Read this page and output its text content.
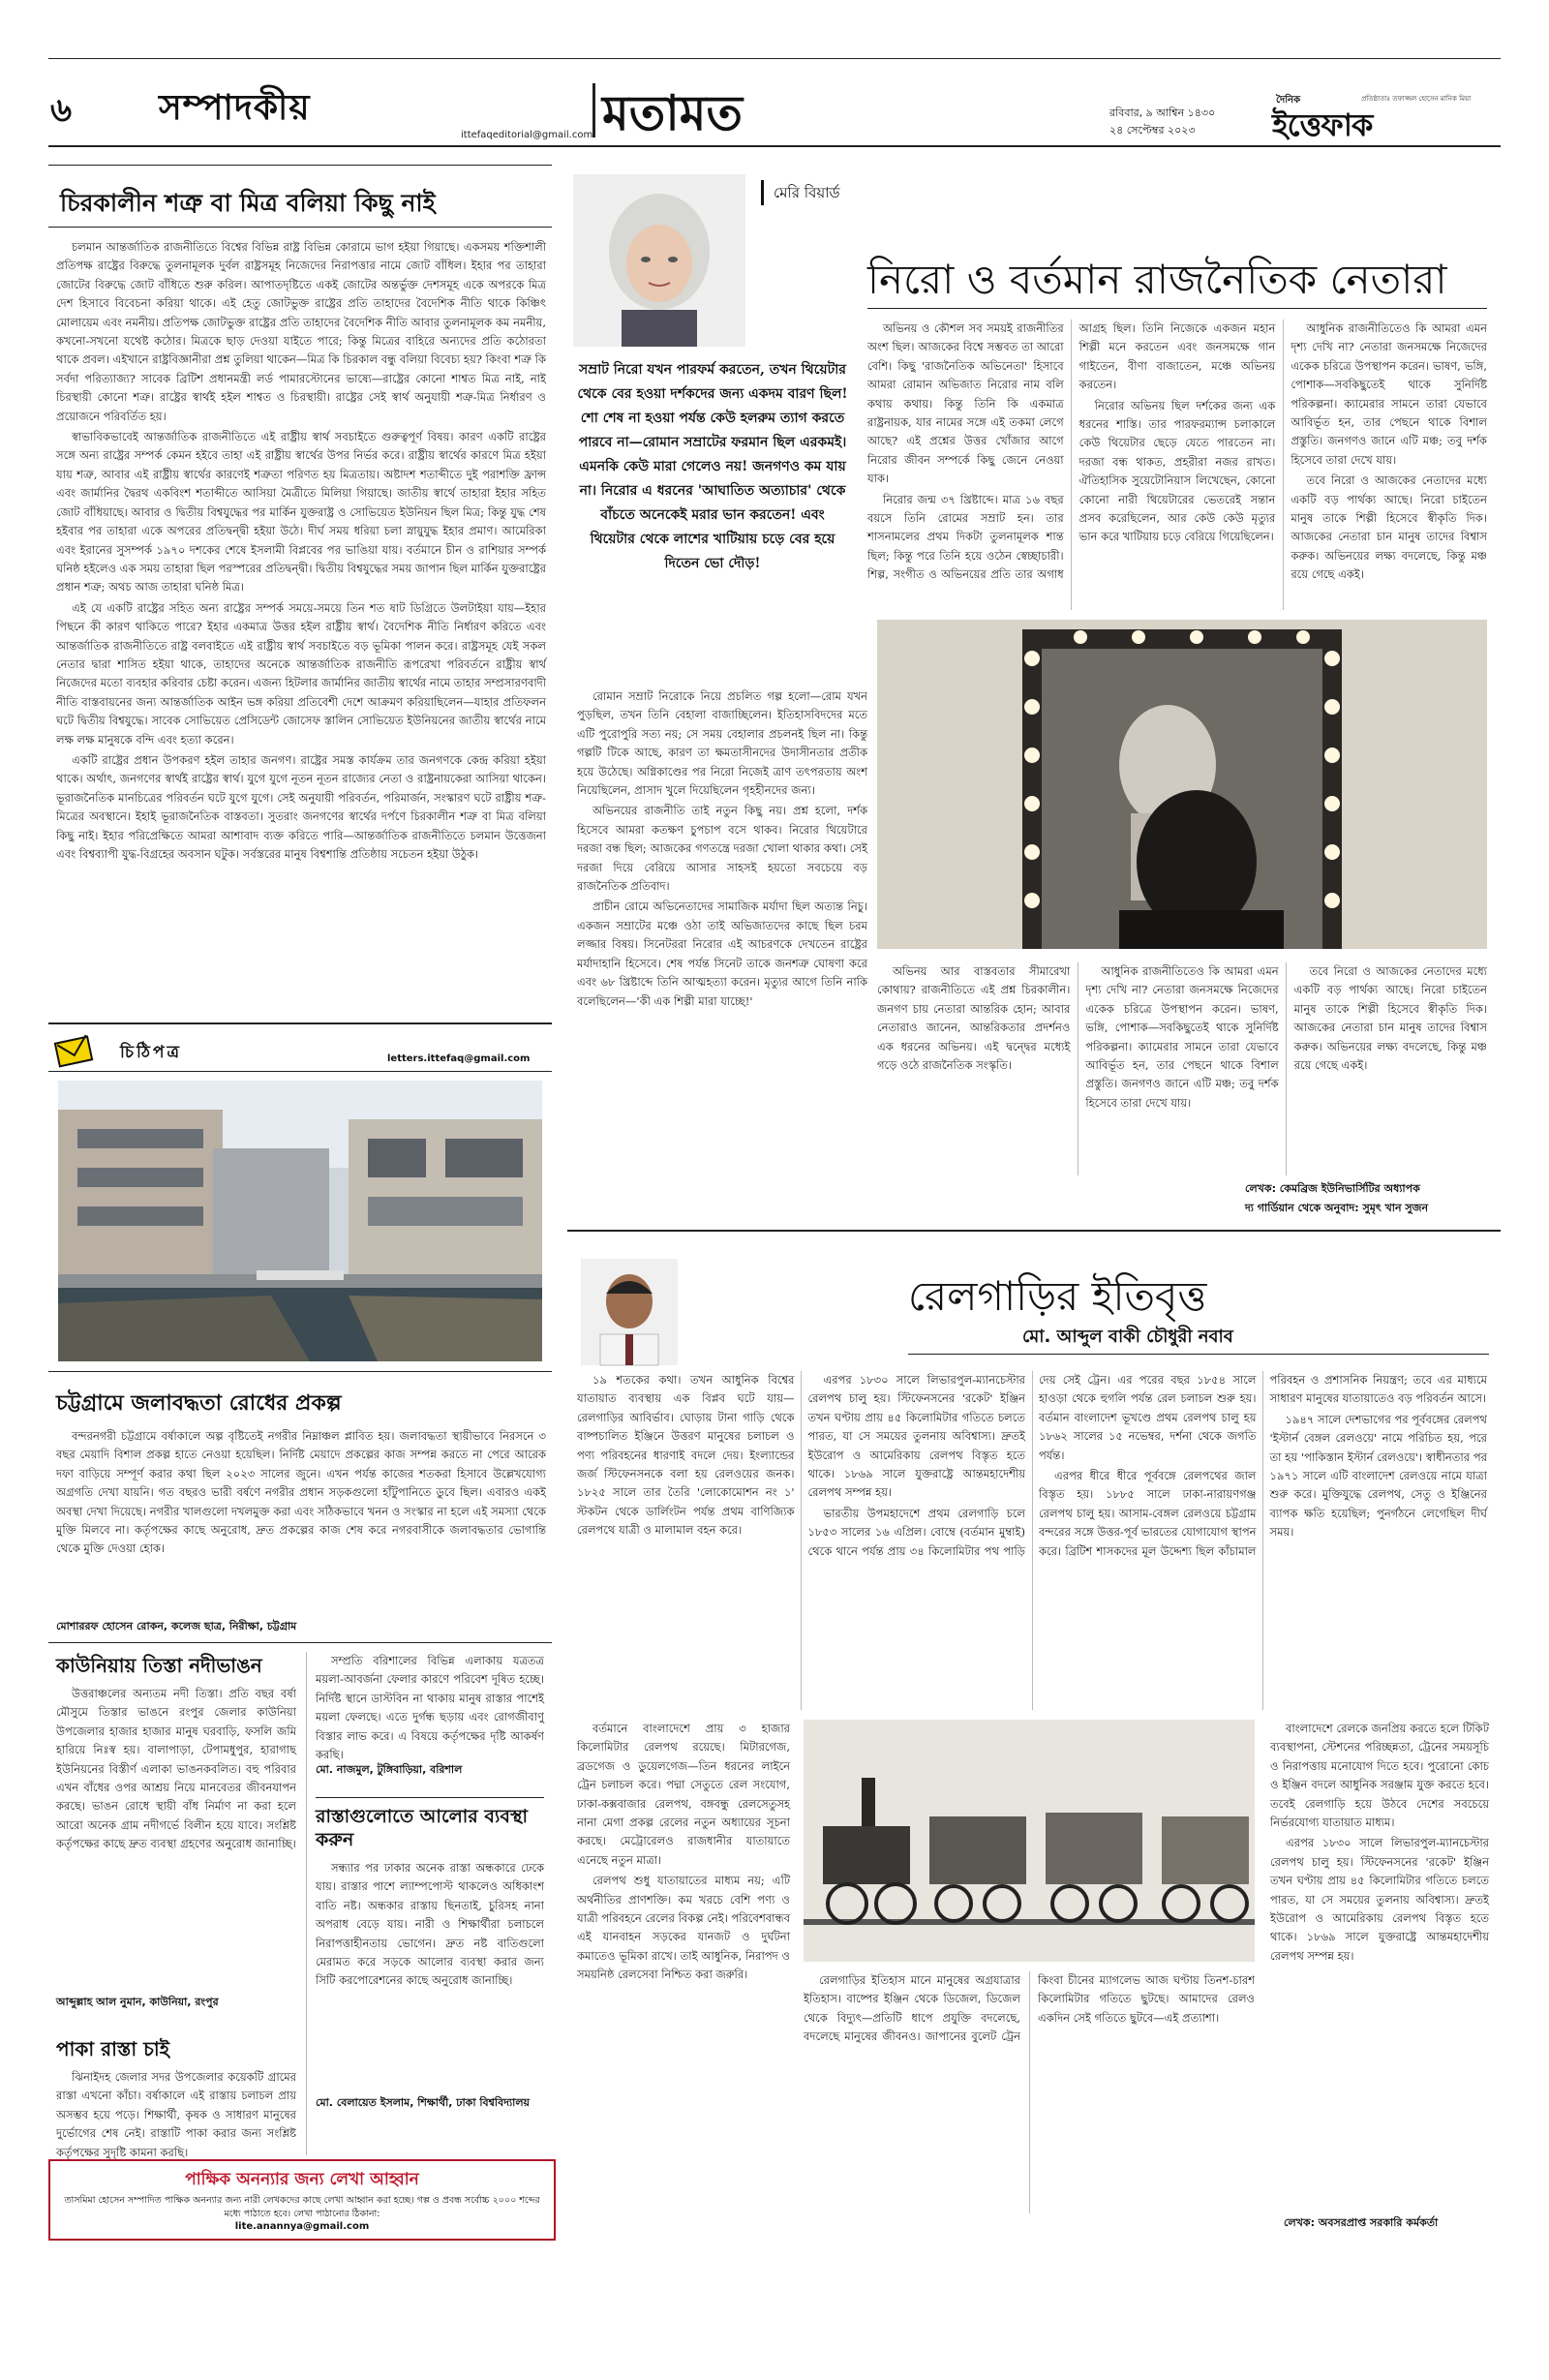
৬ সম্পাদকীয়
ittefaqeditorial@gmail.com মতামত	রবিবার, ৯ আশ্বিন ১৪৩০
২৪ সেপ্টেম্বর ২০২৩
দৈনিক
ইত্তেফাক
প্রতিষ্ঠাতাঃ তফাজ্জল হোসেন মানিক মিয়া
চিরকালীন শত্রু বা মিত্র বলিয়া কিছু নাই

চলমান আন্তর্জাতিক রাজনীতিতে বিশ্বের বিভিন্ন রাষ্ট্র বিভিন্ন কোরামে ভাগ হইয়া গিয়াছে। একসময় শক্তিশালী প্রতিপক্ষ রাষ্ট্রের বিরুদ্ধে তুলনামূলক দুর্বল রাষ্ট্রসমূহ নিজেদের নিরাপত্তার নামে জোট বাঁধিল। ইহার পর তাহারা জোটের বিরুদ্ধে জোট বাঁধিতে শুরু করিল। আপাতদৃষ্টিতে একই জোটের অন্তর্ভুক্ত দেশসমূহ একে অপরকে মিত্র দেশ হিসাবে বিবেচনা করিয়া থাকে। এই হেতু জোটভুক্ত রাষ্ট্রের প্রতি তাহাদের বৈদেশিক নীতি থাকে কিঞ্চিৎ মোলায়েম এবং নমনীয়। প্রতিপক্ষ জোটভুক্ত রাষ্ট্রের প্রতি তাহাদের বৈদেশিক নীতি আবার তুলনামূলক কম নমনীয়, কখনো-সখনো যথেষ্ট কঠোর। মিত্রকে ছাড় দেওয়া যাইতে পারে; কিন্তু মিত্রের বাহিরে অন্যদের প্রতি কঠোরতা থাকে প্রবল। এইখানে রাষ্ট্রবিজ্ঞানীরা প্রশ্ন তুলিয়া থাকেন—মিত্র কি চিরকাল বন্ধু বলিয়া বিবেচ্য হয়? কিংবা শত্রু কি সর্বদা পরিত্যাজ্য? সাবেক ব্রিটিশ প্রধানমন্ত্রী লর্ড পামারস্টোনের ভাষ্যে—রাষ্ট্রের কোনো শাশ্বত মিত্র নাই, নাই চিরস্থায়ী কোনো শত্রু। রাষ্ট্রের স্বার্থই হইল শাশ্বত ও চিরস্থায়ী। রাষ্ট্রের সেই স্বার্থ অনুযায়ী শত্রু-মিত্র নির্ধারণ ও প্রয়োজনে পরিবর্তিত হয়।

স্বাভাবিকভাবেই আন্তর্জাতিক রাজনীতিতে এই রাষ্ট্রীয় স্বার্থ সবচাইতে গুরুত্বপূর্ণ বিষয়। কারণ একটি রাষ্ট্রের সঙ্গে অন্য রাষ্ট্রের সম্পর্ক কেমন হইবে তাহা এই রাষ্ট্রীয় স্বার্থের উপর নির্ভর করে। রাষ্ট্রীয় স্বার্থের কারণে মিত্র হইয়া যায় শত্রু, আবার এই রাষ্ট্রীয় স্বার্থের কারণেই শত্রুতা পরিণত হয় মিত্রতায়। অষ্টাদশ শতাব্দীতে দুই পরাশক্তি ফ্রান্স এবং জার্মানির দ্বৈরথ একবিংশ শতাব্দীতে আসিয়া মৈত্রীতে মিলিয়া গিয়াছে। জাতীয় স্বার্থে তাহারা ইহার সহিত জোট বাঁধিয়াছে। আবার ও দ্বিতীয় বিশ্বযুদ্ধের পর মার্কিন যুক্তরাষ্ট্র ও সোভিয়েত ইউনিয়ন ছিল মিত্র; কিন্তু যুদ্ধ শেষ হইবার পর তাহারা একে অপরের প্রতিদ্বন্দ্বী হইয়া উঠে। দীর্ঘ সময় ধরিয়া চলা স্নায়ুযুদ্ধ ইহার প্রমাণ। আমেরিকা এবং ইরানের সুসম্পর্ক ১৯৭০ দশকের শেষে ইসলামী বিপ্লবের পর ভাঙিয়া যায়। বর্তমানে চীন ও রাশিয়ার সম্পর্ক ঘনিষ্ঠ হইলেও এক সময় তাহারা ছিল পরস্পরের প্রতিদ্বন্দ্বী। দ্বিতীয় বিশ্বযুদ্ধের সময় জাপান ছিল মার্কিন যুক্তরাষ্ট্রের প্রধান শত্রু; অথচ আজ তাহারা ঘনিষ্ঠ মিত্র।

এই যে একটি রাষ্ট্রের সহিত অন্য রাষ্ট্রের সম্পর্ক সময়ে-সময়ে তিন শত ষাট ডিগ্রিতে উলটাইয়া যায়—ইহার পিছনে কী কারণ থাকিতে পারে? ইহার একমাত্র উত্তর হইল রাষ্ট্রীয় স্বার্থ। বৈদেশিক নীতি নির্ধারণ করিতে এবং আন্তর্জাতিক রাজনীতিতে রাষ্ট্র বলবাইতে এই রাষ্ট্রীয় স্বার্থ সবচাইতে বড় ভূমিকা পালন করে। রাষ্ট্রসমূহ যেই সকল নেতার দ্বারা শাসিত হইয়া থাকে, তাহাদের অনেকে আন্তর্জাতিক রাজনীতি রূপরেখা পরিবর্তনে রাষ্ট্রীয় স্বার্থ নিজেদের মতো ব্যবহার করিবার চেষ্টা করেন। এজন্য হিটলার জার্মানির জাতীয় স্বার্থের নামে তাহার সম্প্রসারণবাদী নীতি বাস্তবায়নের জন্য আন্তর্জাতিক আইন ভঙ্গ করিয়া প্রতিবেশী দেশে আক্রমণ করিয়াছিলেন—যাহার প্রতিফলন ঘটে দ্বিতীয় বিশ্বযুদ্ধে। সাবেক সোভিয়েত প্রেসিডেন্ট জোসেফ স্তালিন সোভিয়েত ইউনিয়নের জাতীয় স্বার্থের নামে লক্ষ লক্ষ মানুষকে বন্দি এবং হত্যা করেন।

একটি রাষ্ট্রের প্রধান উপকরণ হইল তাহার জনগণ। রাষ্ট্রের সমস্ত কার্যক্রম তার জনগণকে কেন্দ্র করিয়া হইয়া থাকে। অর্থাৎ, জনগণের স্বার্থই রাষ্ট্রের স্বার্থ। যুগে যুগে নূতন নূতন রাজ্যের নেতা ও রাষ্ট্রনায়কেরা আসিয়া থাকেন। ভূরাজনৈতিক মানচিত্রের পরিবর্তন ঘটে যুগে যুগে। সেই অনুযায়ী পরিবর্তন, পরিমার্জন, সংস্কারণ ঘটে রাষ্ট্রীয় শত্রু-মিত্রের অবস্থানে। ইহাই ভূরাজনৈতিক বাস্তবতা। সুতরাং জনগণের স্বার্থের দর্পণে চিরকালীন শত্রু বা মিত্র বলিয়া কিছু নাই। ইহার পরিপ্রেক্ষিতে আমরা আশাবাদ ব্যক্ত করিতে পারি—আন্তর্জাতিক রাজনীতিতে চলমান উত্তেজনা এবং বিশ্বব্যাপী যুদ্ধ-বিগ্রহের অবসান ঘটুক। সর্বস্তরের মানুষ বিশ্বশান্তি প্রতিষ্ঠায় সচেতন হইয়া উঠুক।

চিঠিপত্র	letters.ittefaq@gmail.com
চট্টগ্রামে জলাবদ্ধতা রোধের প্রকল্প
বন্দরনগরী চট্টগ্রামে বর্ষাকালে অল্প বৃষ্টিতেই নগরীর নিম্নাঞ্চল প্লাবিত হয়। জলাবদ্ধতা স্থায়ীভাবে নিরসনে ৩ বছর মেয়াদি বিশাল প্রকল্প হাতে নেওয়া হয়েছিল। নির্দিষ্ট মেয়াদে প্রকল্পের কাজ সম্পন্ন করতে না পেরে আরেক দফা বাড়িয়ে সম্পূর্ণ করার কথা ছিল ২০২৩ সালের জুনে। এখন পর্যন্ত কাজের শতকরা হিসাবে উল্লেখযোগ্য অগ্রগতি দেখা যায়নি। গত বছরও ভারী বর্ষণে নগরীর প্রধান সড়কগুলো হাঁটুপানিতে ডুবে ছিল। এবারও একই অবস্থা দেখা দিয়েছে। নগরীর খালগুলো দখলমুক্ত করা এবং সঠিকভাবে খনন ও সংস্কার না হলে এই সমস্যা থেকে মুক্তি মিলবে না। কর্তৃপক্ষের কাছে অনুরোধ, দ্রুত প্রকল্পের কাজ শেষ করে নগরবাসীকে জলাবদ্ধতার ভোগান্তি থেকে মুক্তি দেওয়া হোক।
মোশাররফ হোসেন রোকন, কলেজ ছাত্র, নিরীক্ষা, চট্টগ্রাম
কাউনিয়ায় তিস্তা নদীভাঙন
উত্তরাঞ্চলের অন্যতম নদী তিস্তা। প্রতি বছর বর্ষা মৌসুমে তিস্তার ভাঙনে রংপুর জেলার কাউনিয়া উপজেলার হাজার হাজার মানুষ ঘরবাড়ি, ফসলি জমি হারিয়ে নিঃস্ব হয়। বালাপাড়া, টেপামধুপুর, হারাগাছ ইউনিয়নের বিস্তীর্ণ এলাকা ভাঙনকবলিত। বহু পরিবার এখন বাঁধের ওপর আশ্রয় নিয়ে মানবেতর জীবনযাপন করছে। ভাঙন রোধে স্থায়ী বাঁধ নির্মাণ না করা হলে আরো অনেক গ্রাম নদীগর্ভে বিলীন হয়ে যাবে। সংশ্লিষ্ট কর্তৃপক্ষের কাছে দ্রুত ব্যবস্থা গ্রহণের অনুরোধ জানাচ্ছি।
আব্দুল্লাহ আল নুমান, কাউনিয়া, রংপুর
পাকা রাস্তা চাই
ঝিনাইদহ জেলার সদর উপজেলার কয়েকটি গ্রামের রাস্তা এখনো কাঁচা। বর্ষাকালে এই রাস্তায় চলাচল প্রায় অসম্ভব হয়ে পড়ে। শিক্ষার্থী, কৃষক ও সাধারণ মানুষের দুর্ভোগের শেষ নেই। রাস্তাটি পাকা করার জন্য সংশ্লিষ্ট কর্তৃপক্ষের সুদৃষ্টি কামনা করছি।
সম্প্রতি বরিশালের বিভিন্ন এলাকায় যত্রতত্র ময়লা-আবর্জনা ফেলার কারণে পরিবেশ দূষিত হচ্ছে। নির্দিষ্ট স্থানে ডাস্টবিন না থাকায় মানুষ রাস্তার পাশেই ময়লা ফেলছে। এতে দুর্গন্ধ ছড়ায় এবং রোগজীবাণু বিস্তার লাভ করে। এ বিষয়ে কর্তৃপক্ষের দৃষ্টি আকর্ষণ করছি।
মো. নাজমুল, টুঙ্গিবাড়িয়া, বরিশাল
রাস্তাগুলোতে আলোর ব্যবস্থা করুন
সন্ধ্যার পর ঢাকার অনেক রাস্তা অন্ধকারে ঢেকে যায়। রাস্তার পাশে ল্যাম্পপোস্ট থাকলেও অধিকাংশ বাতি নষ্ট। অন্ধকার রাস্তায় ছিনতাই, চুরিসহ নানা অপরাধ বেড়ে যায়। নারী ও শিক্ষার্থীরা চলাচলে নিরাপত্তাহীনতায় ভোগেন। দ্রুত নষ্ট বাতিগুলো মেরামত করে সড়কে আলোর ব্যবস্থা করার জন্য সিটি করপোরেশনের কাছে অনুরোধ জানাচ্ছি।
মো. বেলায়েত ইসলাম, শিক্ষার্থী, ঢাকা বিশ্ববিদ্যালয়
মেরি বিয়ার্ড
নিরো ও বর্তমান রাজনৈতিক নেতারা
সম্রাট নিরো যখন পারফর্ম করতেন, তখন থিয়েটার থেকে বের হওয়া দর্শকদের জন্য একদম বারণ ছিল! শো শেষ না হওয়া পর্যন্ত কেউ হলরুম ত্যাগ করতে পারবে না—রোমান সম্রাটের ফরমান ছিল এরকমই। এমনকি কেউ মারা গেলেও নয়! জনগণও কম যায় না। নিরোর এ ধরনের 'আঘাতিত অত্যাচার' থেকে বাঁচতে অনেকেই মরার ভান করতেন! এবং থিয়েটার থেকে লাশের খাটিয়ায় চড়ে বের হয়ে দিতেন ভো দৌড়!

অভিনয় ও কৌশল সব সময়ই রাজনীতির অংশ ছিল। আজকের বিশ্বে সম্ভবত তা আরো বেশি। কিছু 'রাজনৈতিক অভিনেতা' হিসাবে আমরা রোমান অভিজাত নিরোর নাম বলি কথায় কথায়। কিন্তু তিনি কি একমাত্র রাষ্ট্রনায়ক, যার নামের সঙ্গে এই তকমা লেগে আছে? এই প্রশ্নের উত্তর খোঁজার আগে নিরোর জীবন সম্পর্কে কিছু জেনে নেওয়া যাক।

নিরোর জন্ম ৩৭ খ্রিষ্টাব্দে। মাত্র ১৬ বছর বয়সে তিনি রোমের সম্রাট হন। তার শাসনামলের প্রথম দিকটা তুলনামূলক শান্ত ছিল; কিন্তু পরে তিনি হয়ে ওঠেন স্বেচ্ছাচারী। শিল্প, সংগীত ও অভিনয়ের প্রতি তার অগাধ আগ্রহ ছিল। তিনি নিজেকে একজন মহান শিল্পী মনে করতেন এবং জনসমক্ষে গান গাইতেন, বীণা বাজাতেন, মঞ্চে অভিনয় করতেন।

নিরোর অভিনয় ছিল দর্শকের জন্য এক ধরনের শাস্তি। তার পারফরম্যান্স চলাকালে কেউ থিয়েটার ছেড়ে যেতে পারতেন না। দরজা বন্ধ থাকত, প্রহরীরা নজর রাখত। ঐতিহাসিক সুয়েটোনিয়াস লিখেছেন, কোনো কোনো নারী থিয়েটারের ভেতরেই সন্তান প্রসব করেছিলেন, আর কেউ কেউ মৃত্যুর ভান করে খাটিয়ায় চড়ে বেরিয়ে গিয়েছিলেন।

আধুনিক রাজনীতিতেও কি আমরা এমন দৃশ্য দেখি না? নেতারা জনসমক্ষে নিজেদের একেক চরিত্রে উপস্থাপন করেন। ভাষণ, ভঙ্গি, পোশাক—সবকিছুতেই থাকে সুনির্দিষ্ট পরিকল্পনা। ক্যামেরার সামনে তারা যেভাবে আবির্ভূত হন, তার পেছনে থাকে বিশাল প্রস্তুতি। জনগণও জানে এটি মঞ্চ; তবু দর্শক হিসেবে তারা দেখে যায়।

তবে নিরো ও আজকের নেতাদের মধ্যে একটি বড় পার্থক্য আছে। নিরো চাইতেন মানুষ তাকে শিল্পী হিসেবে স্বীকৃতি দিক। আজকের নেতারা চান মানুষ তাদের বিশ্বাস করুক। অভিনয়ের লক্ষ্য বদলেছে, কিন্তু মঞ্চ রয়ে গেছে একই।

রোমান সম্রাট নিরোকে নিয়ে প্রচলিত গল্প হলো—রোম যখন পুড়ছিল, তখন তিনি বেহালা বাজাচ্ছিলেন। ইতিহাসবিদদের মতে এটি পুরোপুরি সত্য নয়; সে সময় বেহালার প্রচলনই ছিল না। কিন্তু গল্পটি টিকে আছে, কারণ তা ক্ষমতাসীনদের উদাসীনতার প্রতীক হয়ে উঠেছে। অগ্নিকাণ্ডের পর নিরো নিজেই ত্রাণ তৎপরতায় অংশ নিয়েছিলেন, প্রাসাদ খুলে দিয়েছিলেন গৃহহীনদের জন্য।

অভিনয়ের রাজনীতি তাই নতুন কিছু নয়। প্রশ্ন হলো, দর্শক হিসেবে আমরা কতক্ষণ চুপচাপ বসে থাকব। নিরোর থিয়েটারে দরজা বন্ধ ছিল; আজকের গণতন্ত্রে দরজা খোলা থাকার কথা। সেই দরজা দিয়ে বেরিয়ে আসার সাহসই হয়তো সবচেয়ে বড় রাজনৈতিক প্রতিবাদ।

প্রাচীন রোমে অভিনেতাদের সামাজিক মর্যাদা ছিল অত্যন্ত নিচু। একজন সম্রাটের মঞ্চে ওঠা তাই অভিজাতদের কাছে ছিল চরম লজ্জার বিষয়। সিনেটররা নিরোর এই আচরণকে দেখতেন রাষ্ট্রের মর্যাদাহানি হিসেবে। শেষ পর্যন্ত সিনেট তাকে জনশত্রু ঘোষণা করে এবং ৬৮ খ্রিষ্টাব্দে তিনি আত্মহত্যা করেন। মৃত্যুর আগে তিনি নাকি বলেছিলেন—'কী এক শিল্পী মারা যাচ্ছে!'

অভিনয় আর বাস্তবতার সীমারেখা কোথায়? রাজনীতিতে এই প্রশ্ন চিরকালীন। জনগণ চায় নেতারা আন্তরিক হোন; আবার নেতারাও জানেন, আন্তরিকতার প্রদর্শনও এক ধরনের অভিনয়। এই দ্বন্দ্বের মধ্যেই গড়ে ওঠে রাজনৈতিক সংস্কৃতি।

আধুনিক রাজনীতিতেও কি আমরা এমন দৃশ্য দেখি না? নেতারা জনসমক্ষে নিজেদের একেক চরিত্রে উপস্থাপন করেন। ভাষণ, ভঙ্গি, পোশাক—সবকিছুতেই থাকে সুনির্দিষ্ট পরিকল্পনা। ক্যামেরার সামনে তারা যেভাবে আবির্ভূত হন, তার পেছনে থাকে বিশাল প্রস্তুতি। জনগণও জানে এটি মঞ্চ; তবু দর্শক হিসেবে তারা দেখে যায়।

তবে নিরো ও আজকের নেতাদের মধ্যে একটি বড় পার্থক্য আছে। নিরো চাইতেন মানুষ তাকে শিল্পী হিসেবে স্বীকৃতি দিক। আজকের নেতারা চান মানুষ তাদের বিশ্বাস করুক। অভিনয়ের লক্ষ্য বদলেছে, কিন্তু মঞ্চ রয়ে গেছে একই।

লেখক: কেমব্রিজ ইউনিভার্সিটির অধ্যাপক
দ্য গার্ডিয়ান থেকে অনুবাদ: সুমৃৎ খান সুজন
রেলগাড়ির ইতিবৃত্ত
মো. আব্দুল বাকী চৌধুরী নবাব

১৯ শতকের কথা। তখন আধুনিক বিশ্বের যাতায়াত ব্যবস্থায় এক বিপ্লব ঘটে যায়—রেলগাড়ির আবির্ভাব। ঘোড়ায় টানা গাড়ি থেকে বাষ্পচালিত ইঞ্জিনে উত্তরণ মানুষের চলাচল ও পণ্য পরিবহনের ধারণাই বদলে দেয়। ইংল্যান্ডের জর্জ স্টিফেনসনকে বলা হয় রেলওয়ের জনক। ১৮২৫ সালে তার তৈরি 'লোকোমোশন নং ১' স্টকটন থেকে ডার্লিংটন পর্যন্ত প্রথম বাণিজ্যিক রেলপথে যাত্রী ও মালামাল বহন করে।

এরপর ১৮৩০ সালে লিভারপুল-ম্যানচেস্টার রেলপথ চালু হয়। স্টিফেনসনের 'রকেট' ইঞ্জিন তখন ঘণ্টায় প্রায় ৪৫ কিলোমিটার গতিতে চলতে পারত, যা সে সময়ের তুলনায় অবিশ্বাস্য। দ্রুতই ইউরোপ ও আমেরিকায় রেলপথ বিস্তৃত হতে থাকে। ১৮৬৯ সালে যুক্তরাষ্ট্রে আন্তমহাদেশীয় রেলপথ সম্পন্ন হয়।

ভারতীয় উপমহাদেশে প্রথম রেলগাড়ি চলে ১৮৫৩ সালের ১৬ এপ্রিল। বোম্বে (বর্তমান মুম্বাই) থেকে থানে পর্যন্ত প্রায় ৩৪ কিলোমিটার পথ পাড়ি দেয় সেই ট্রেন। এর পরের বছর ১৮৫৪ সালে হাওড়া থেকে হুগলি পর্যন্ত রেল চলাচল শুরু হয়। বর্তমান বাংলাদেশ ভূখণ্ডে প্রথম রেলপথ চালু হয় ১৮৬২ সালের ১৫ নভেম্বর, দর্শনা থেকে জগতি পর্যন্ত।

এরপর ধীরে ধীরে পূর্ববঙ্গে রেলপথের জাল বিস্তৃত হয়। ১৮৮৫ সালে ঢাকা-নারায়ণগঞ্জ রেলপথ চালু হয়। আসাম-বেঙ্গল রেলওয়ে চট্টগ্রাম বন্দরের সঙ্গে উত্তর-পূর্ব ভারতের যোগাযোগ স্থাপন করে। ব্রিটিশ শাসকদের মূল উদ্দেশ্য ছিল কাঁচামাল পরিবহন ও প্রশাসনিক নিয়ন্ত্রণ; তবে এর মাধ্যমে সাধারণ মানুষের যাতায়াতেও বড় পরিবর্তন আসে।

১৯৪৭ সালে দেশভাগের পর পূর্ববঙ্গের রেলপথ 'ইস্টার্ন বেঙ্গল রেলওয়ে' নামে পরিচিত হয়, পরে তা হয় 'পাকিস্তান ইস্টার্ন রেলওয়ে'। স্বাধীনতার পর ১৯৭১ সালে এটি বাংলাদেশ রেলওয়ে নামে যাত্রা শুরু করে। মুক্তিযুদ্ধে রেলপথ, সেতু ও ইঞ্জিনের ব্যাপক ক্ষতি হয়েছিল; পুনর্গঠনে লেগেছিল দীর্ঘ সময়।

বর্তমানে বাংলাদেশে প্রায় ৩ হাজার কিলোমিটার রেলপথ রয়েছে। মিটারগেজ, ব্রডগেজ ও ডুয়েলগেজ—তিন ধরনের লাইনে ট্রেন চলাচল করে। পদ্মা সেতুতে রেল সংযোগ, ঢাকা-কক্সবাজার রেলপথ, বঙ্গবন্ধু রেলসেতুসহ নানা মেগা প্রকল্প রেলের নতুন অধ্যায়ের সূচনা করছে। মেট্রোরেলও রাজধানীর যাতায়াতে এনেছে নতুন মাত্রা।

রেলপথ শুধু যাতায়াতের মাধ্যম নয়; এটি অর্থনীতির প্রাণশক্তি। কম খরচে বেশি পণ্য ও যাত্রী পরিবহনে রেলের বিকল্প নেই। পরিবেশবান্ধব এই যানবাহন সড়কের যানজট ও দুর্ঘটনা কমাতেও ভূমিকা রাখে। তাই আধুনিক, নিরাপদ ও সময়নিষ্ঠ রেলসেবা নিশ্চিত করা জরুরি।	রেলগাড়ির ইতিহাস মানে মানুষের অগ্রযাত্রার ইতিহাস। বাষ্পের ইঞ্জিন থেকে ডিজেল, ডিজেল থেকে বিদ্যুৎ—প্রতিটি ধাপে প্রযুক্তি বদলেছে, বদলেছে মানুষের জীবনও। জাপানের বুলেট ট্রেন কিংবা চীনের ম্যাগলেভ আজ ঘণ্টায় তিনশ-চারশ কিলোমিটার গতিতে ছুটছে। আমাদের রেলও একদিন সেই গতিতে ছুটবে—এই প্রত্যাশা।

বাংলাদেশে রেলকে জনপ্রিয় করতে হলে টিকিট ব্যবস্থাপনা, স্টেশনের পরিচ্ছন্নতা, ট্রেনের সময়সূচি ও নিরাপত্তায় মনোযোগ দিতে হবে। পুরোনো কোচ ও ইঞ্জিন বদলে আধুনিক সরঞ্জাম যুক্ত করতে হবে। তবেই রেলগাড়ি হয়ে উঠবে দেশের সবচেয়ে নির্ভরযোগ্য যাতায়াত মাধ্যম।

এরপর ১৮৩০ সালে লিভারপুল-ম্যানচেস্টার রেলপথ চালু হয়। স্টিফেনসনের 'রকেট' ইঞ্জিন তখন ঘণ্টায় প্রায় ৪৫ কিলোমিটার গতিতে চলতে পারত, যা সে সময়ের তুলনায় অবিশ্বাস্য। দ্রুতই ইউরোপ ও আমেরিকায় রেলপথ বিস্তৃত হতে থাকে। ১৮৬৯ সালে যুক্তরাষ্ট্রে আন্তমহাদেশীয় রেলপথ সম্পন্ন হয়।

লেখক: অবসরপ্রাপ্ত সরকারি কর্মকর্তা
পাক্ষিক অনন্যার জন্য লেখা আহ্বান
তাসমিমা হোসেন সম্পাদিত পাক্ষিক অনন্যার জন্য নারী লেখকদের কাছে লেখা আহ্বান করা হচ্ছে। গল্প ও প্রবন্ধ সর্বোচ্চ ২০০০ শব্দের মধ্যে পাঠাতে হবে। লেখা পাঠানোর ঠিকানা:
lite.anannya@gmail.com
